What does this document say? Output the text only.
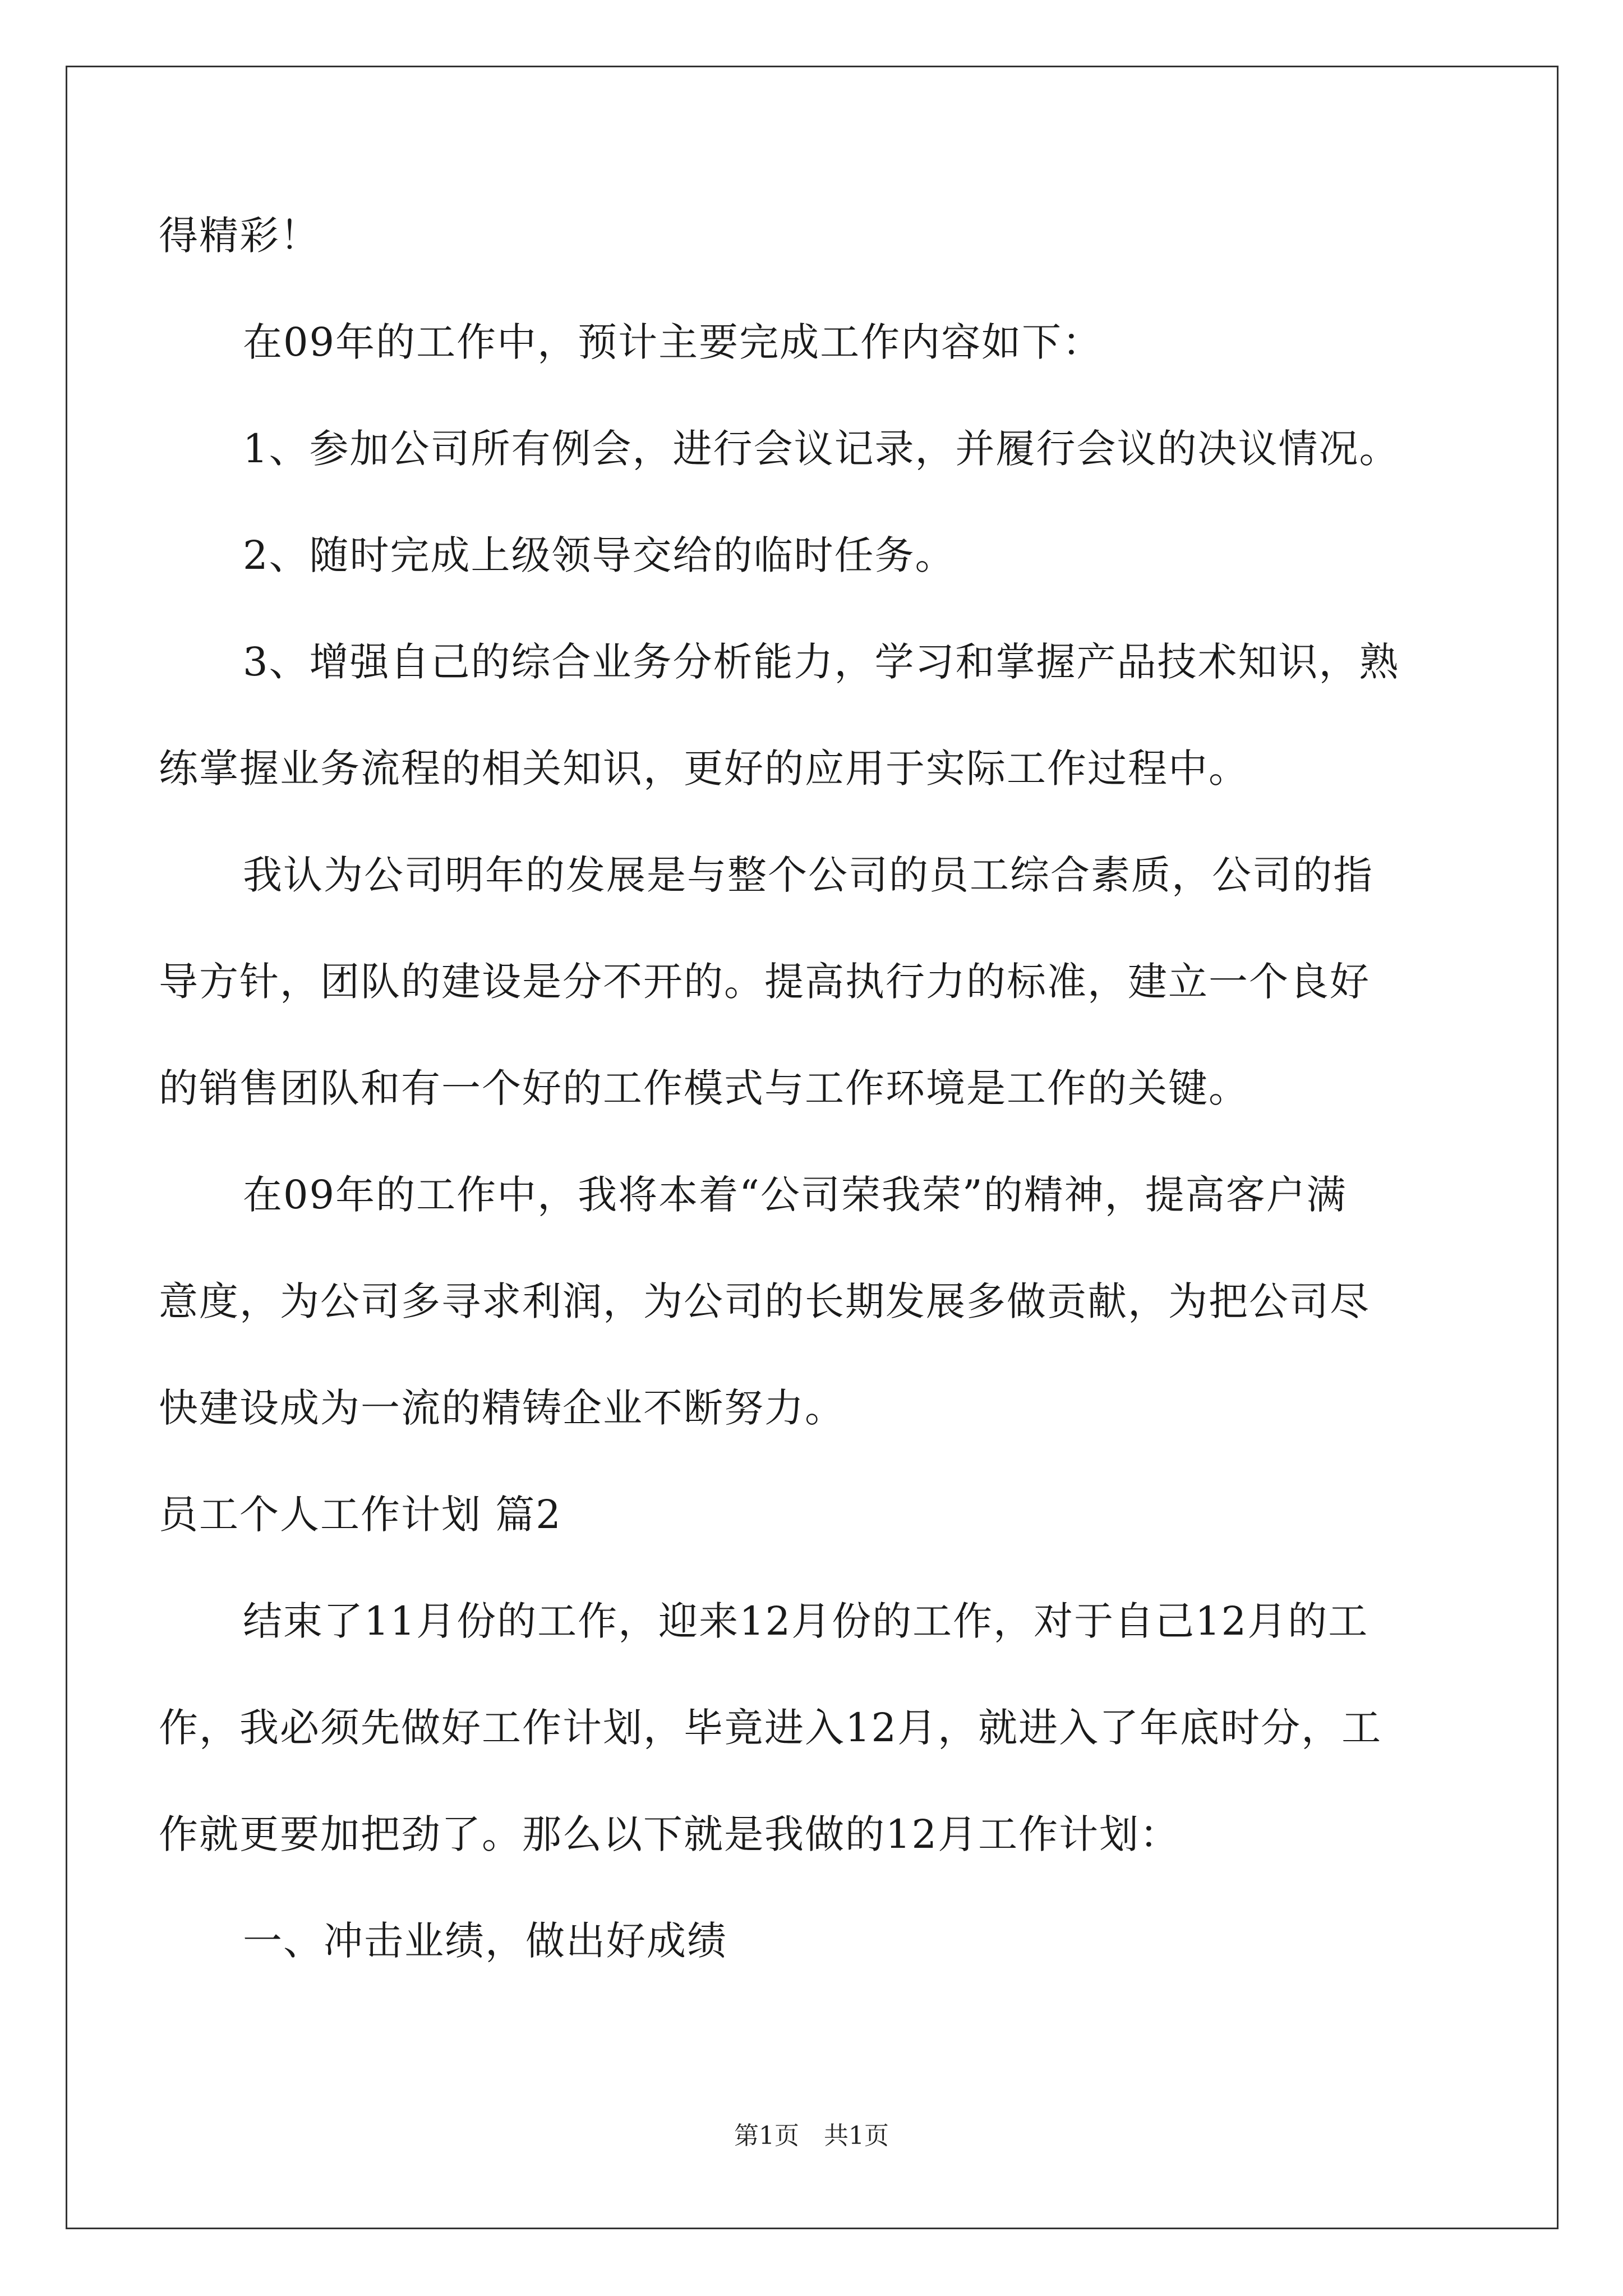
得精彩！
在09年的工作中，预计主要完成工作内容如下：
1、参加公司所有例会，进行会议记录，并履行会议的决议情况。
2、随时完成上级领导交给的临时任务。
3、增强自己的综合业务分析能力，学习和掌握产品技术知识，熟
练掌握业务流程的相关知识，更好的应用于实际工作过程中。
我认为公司明年的发展是与整个公司的员工综合素质，公司的指
导方针，团队的建设是分不开的。提高执行力的标准，建立一个良好
的销售团队和有一个好的工作模式与工作环境是工作的关键。
在09年的工作中，我将本着“公司荣我荣”的精神，提高客户满
意度，为公司多寻求利润，为公司的长期发展多做贡献，为把公司尽
快建设成为一流的精铸企业不断努力。
员工个人工作计划 篇2
结束了11月份的工作，迎来12月份的工作，对于自己12月的工
作，我必须先做好工作计划，毕竟进入12月，就进入了年底时分，工
作就更要加把劲了。那么以下就是我做的12月工作计划：
一、冲击业绩，做出好成绩
第1页　共1页
